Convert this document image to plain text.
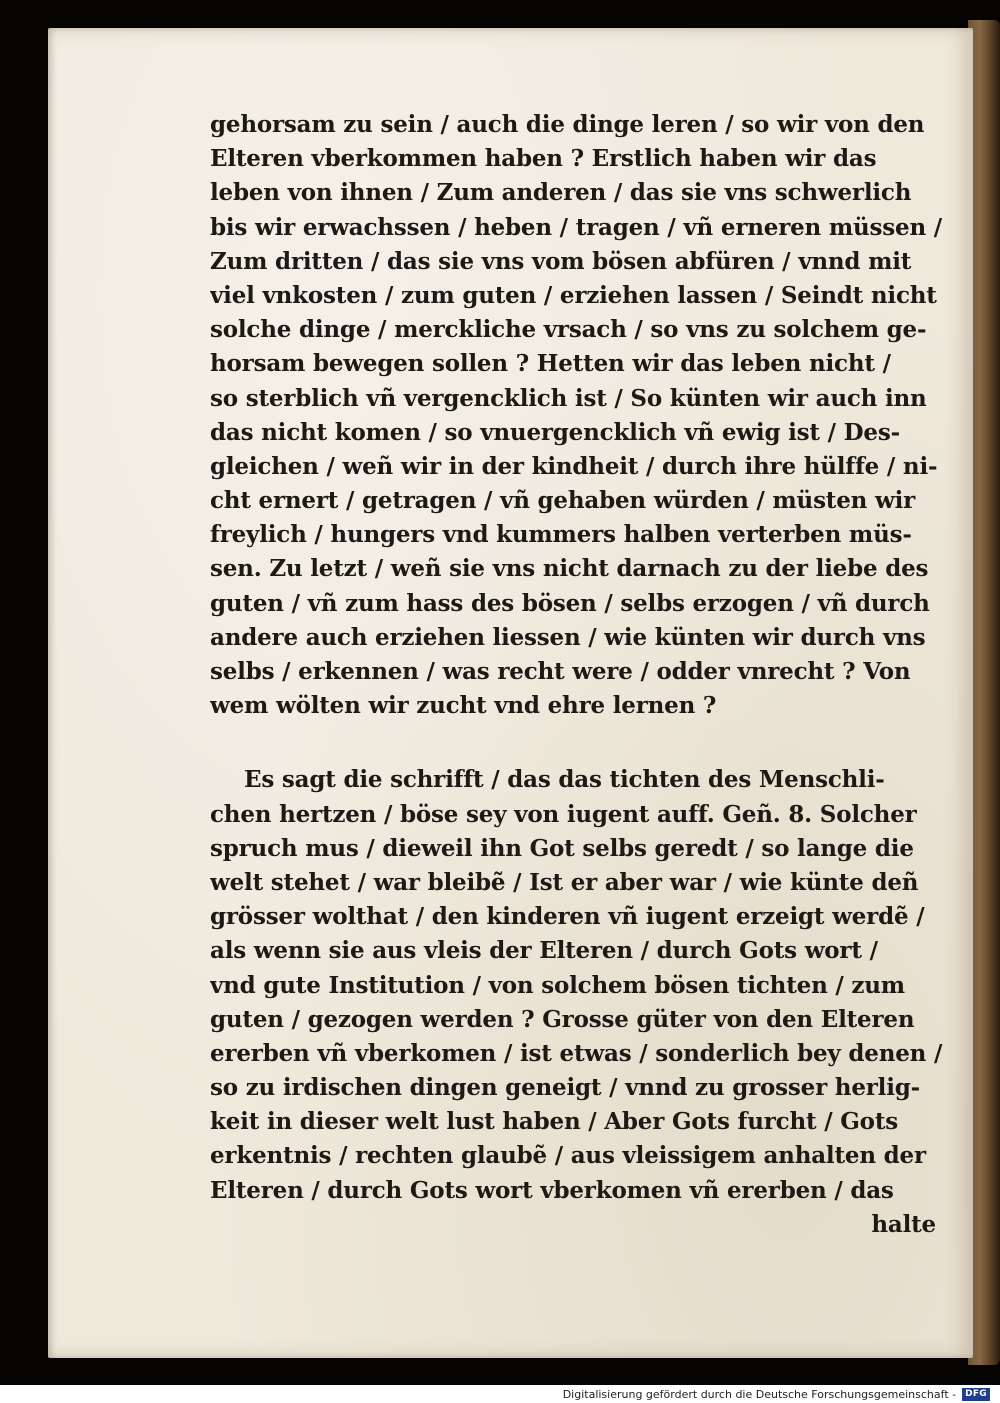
gehorsam zu sein / auch die dinge leren / so wir von den
Elteren vberkommen haben ? Erstlich haben wir das
leben von ihnen / Zum anderen / das sie vns schwerlich
bis wir erwachssen / heben / tragen / vñ erneren müssen /
Zum dritten / das sie vns vom bösen abfüren / vnnd mit
viel vnkosten / zum guten / erziehen lassen / Seindt nicht
solche dinge / merckliche vrsach / so vns zu solchem ge-
horsam bewegen sollen ? Hetten wir das leben nicht /
so sterblich vñ vergencklich ist / So künten wir auch inn
das nicht komen / so vnuergencklich vñ ewig ist / Des-
gleichen / weñ wir in der kindheit / durch ihre hülffe / ni-
cht ernert / getragen / vñ gehaben würden / müsten wir
freylich / hungers vnd kummers halben verterben müs-
sen. Zu letzt / weñ sie vns nicht darnach zu der liebe des
guten / vñ zum hass des bösen / selbs erzogen / vñ durch
andere auch erziehen liessen / wie künten wir durch vns
selbs / erkennen / was recht were / odder vnrecht ? Von
wem wölten wir zucht vnd ehre lernen ?
Es sagt die schrifft / das das tichten des Menschli-
chen hertzen / böse sey von iugent auff. Geñ. 8. Solcher
spruch mus / dieweil ihn Got selbs geredt / so lange die
welt stehet / war bleibẽ / Ist er aber war / wie künte deñ
grösser wolthat / den kinderen vñ iugent erzeigt werdẽ /
als wenn sie aus vleis der Elteren / durch Gots wort /
vnd gute Institution / von solchem bösen tichten / zum
guten / gezogen werden ? Grosse güter von den Elteren
ererben vñ vberkomen / ist etwas / sonderlich bey denen /
so zu irdischen dingen geneigt / vnnd zu grosser herlig-
keit in dieser welt lust haben / Aber Gots furcht / Gots
erkentnis / rechten glaubẽ / aus vleissigem anhalten der
Elteren / durch Gots wort vberkomen vñ ererben / das
halte
Digitalisierung gefördert durch die Deutsche Forschungsgemeinschaft -	DFG
